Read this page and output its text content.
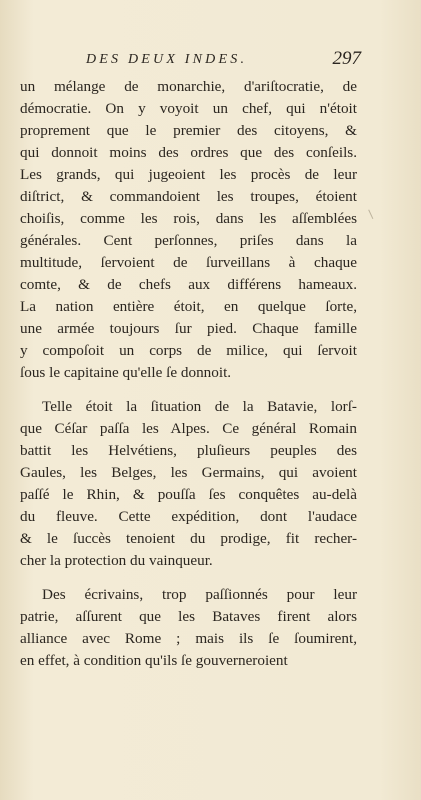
DES DEUX INDES.	297
un mélange de monarchie, d'ariſtocratie, de
démocratie. On y voyoit un chef, qui n'étoit
proprement que le premier des citoyens, &
qui donnoit moins des ordres que des conſeils.
Les grands, qui jugeoient les procès de leur
diſtrict, & commandoient les troupes, étoient
choiſis, comme les rois, dans les aſſemblées
générales. Cent perſonnes, priſes dans la
multitude, ſervoient de ſurveillans à chaque
comte, & de chefs aux différens hameaux.
La nation entière étoit, en quelque ſorte,
une armée toujours ſur pied. Chaque famille
y compoſoit un corps de milice, qui ſervoit
ſous le capitaine qu'elle ſe donnoit.
Telle étoit la ſituation de la Batavie, lorſ-
que Céſar paſſa les Alpes. Ce général Romain
battit les Helvétiens, pluſieurs peuples des
Gaules, les Belges, les Germains, qui avoient
paſſé le Rhin, & pouſſa ſes conquêtes au-delà
du fleuve. Cette expédition, dont l'audace
& le ſuccès tenoient du prodige, fit recher-
cher la protection du vainqueur.
Des écrivains, trop paſſionnés pour leur
patrie, aſſurent que les Bataves firent alors
alliance avec Rome ; mais ils ſe ſoumirent,
en effet, à condition qu'ils ſe gouverneroient
